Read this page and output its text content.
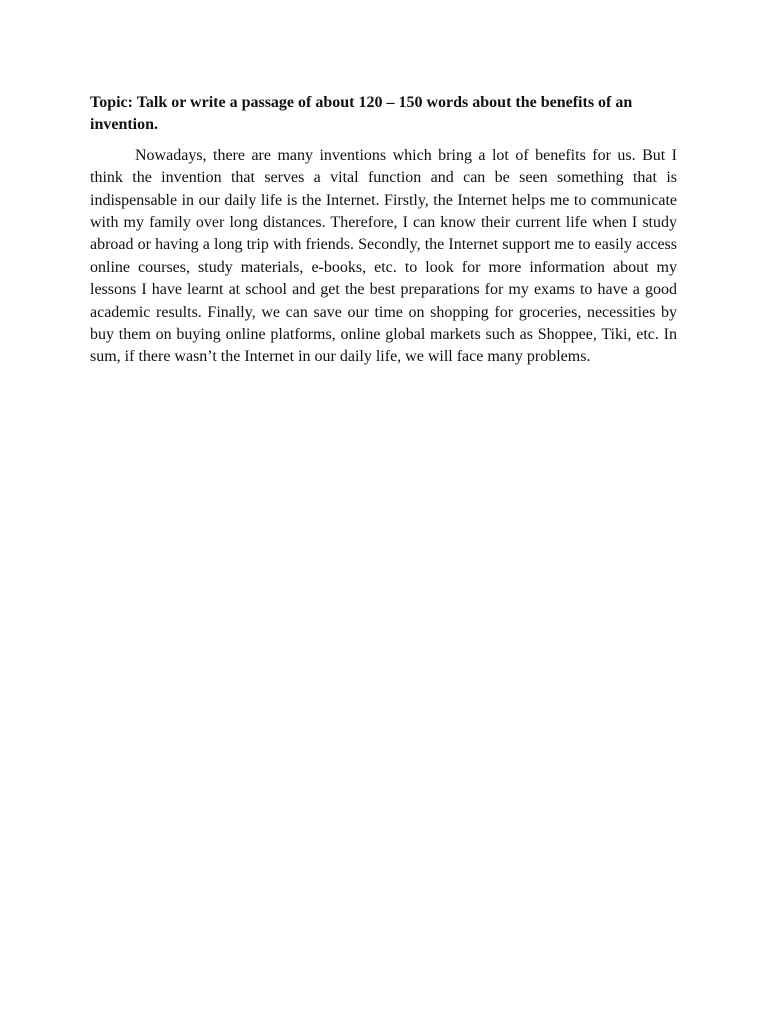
Topic: Talk or write a passage of about 120 – 150 words about the benefits of an invention.

Nowadays, there are many inventions which bring a lot of benefits for us. But I think the invention that serves a vital function and can be seen something that is indispensable in our daily life is the Internet. Firstly, the Internet helps me to communicate with my family over long distances. Therefore, I can know their current life when I study abroad or having a long trip with friends. Secondly, the Internet support me to easily access online courses, study materials, e-books, etc. to look for more information about my lessons I have learnt at school and get the best preparations for my exams to have a good academic results. Finally, we can save our time on shopping for groceries, necessities by buy them on buying online platforms, online global markets such as Shoppee, Tiki, etc. In sum, if there wasn’t the Internet in our daily life, we will face many problems.
